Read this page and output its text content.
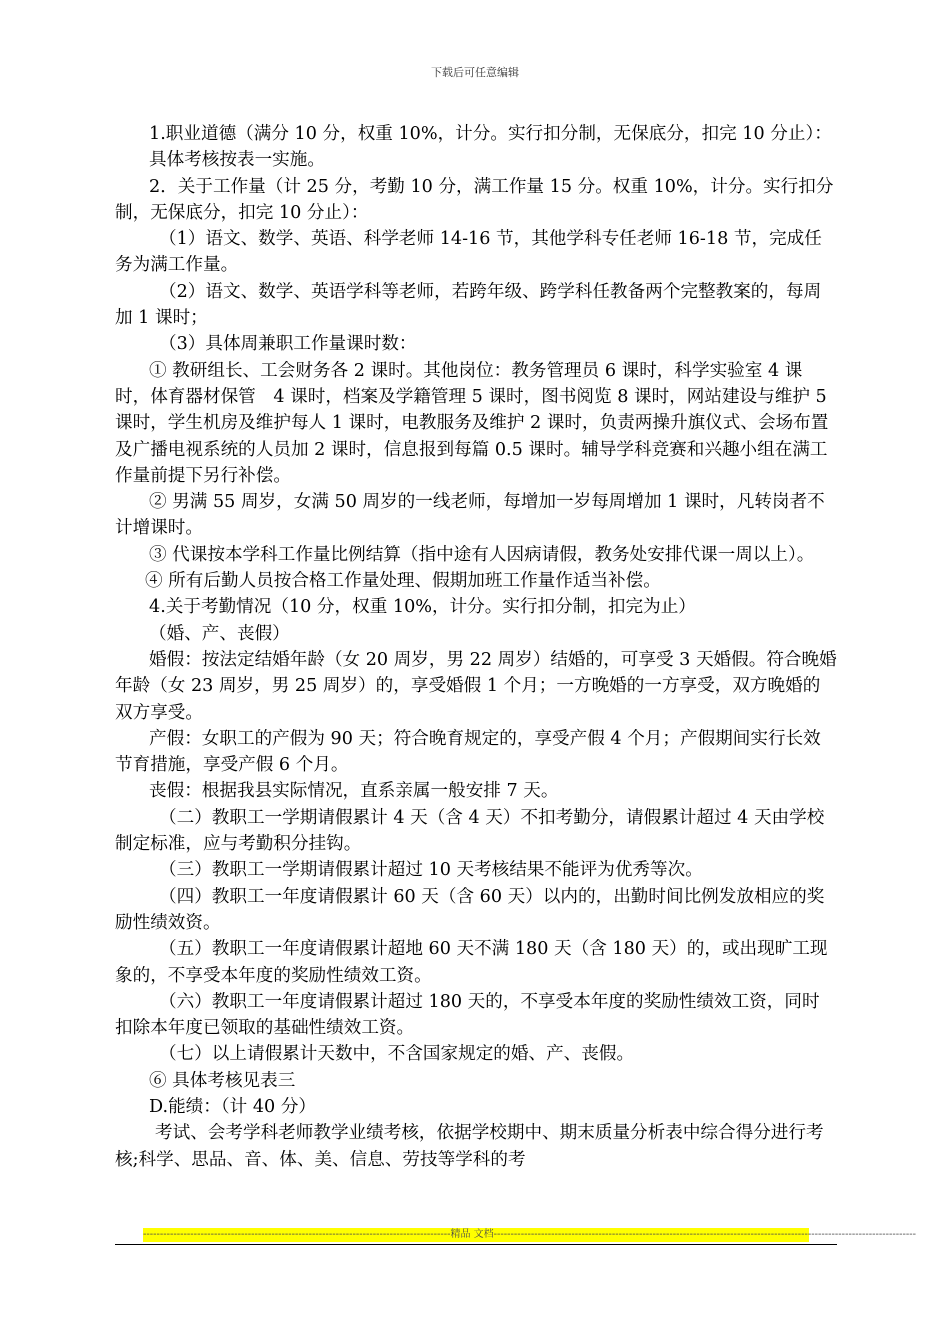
下载后可任意编辑

1.职业道德（满分 10 分，权重 10%，计分。实行扣分制，无保底分，扣完 10 分止）：

具体考核按表一实施。

2．关于工作量（计 25 分，考勤 10 分，满工作量 15 分。权重 10%，计分。实行扣分制，无保底分，扣完 10 分止）：

（1）语文、数学、英语、科学老师 14-16 节，其他学科专任老师 16-18 节，完成任务为满工作量。

（2）语文、数学、英语学科等老师，若跨年级、跨学科任教备两个完整教案的，每周加 1 课时；

（3）具体周兼职工作量课时数：

① 教研组长、工会财务各 2 课时。其他岗位：教务管理员 6 课时，科学实验室 4 课时，体育器材保管　4 课时，档案及学籍管理 5 课时，图书阅览 8 课时，网站建设与维护 5 课时，学生机房及维护每人 1 课时，电教服务及维护 2 课时，负责两操升旗仪式、会场布置及广播电视系统的人员加 2 课时，信息报到每篇 0.5 课时。辅导学科竞赛和兴趣小组在满工作量前提下另行补偿。

② 男满 55 周岁，女满 50 周岁的一线老师，每增加一岁每周增加 1 课时，凡转岗者不计增课时。

③ 代课按本学科工作量比例结算（指中途有人因病请假，教务处安排代课一周以上）。

④ 所有后勤人员按合格工作量处理、假期加班工作量作适当补偿。

4.关于考勤情况（10 分，权重 10%，计分。实行扣分制，扣完为止）

（婚、产、丧假）

婚假：按法定结婚年龄（女 20 周岁，男 22 周岁）结婚的，可享受 3 天婚假。符合晚婚年龄（女 23 周岁，男 25 周岁）的，享受婚假 1 个月；一方晚婚的一方享受，双方晚婚的双方享受。

产假：女职工的产假为 90 天；符合晚育规定的，享受产假 4 个月；产假期间实行长效节育措施，享受产假 6 个月。

丧假：根据我县实际情况，直系亲属一般安排 7 天。

（二）教职工一学期请假累计 4 天（含 4 天）不扣考勤分，请假累计超过 4 天由学校制定标准，应与考勤积分挂钩。

（三）教职工一学期请假累计超过 10 天考核结果不能评为优秀等次。

（四）教职工一年度请假累计 60 天（含 60 天）以内的，出勤时间比例发放相应的奖励性绩效资。

（五）教职工一年度请假累计超地 60 天不满 180 天（含 180 天）的，或出现旷工现象的，不享受本年度的奖励性绩效工资。

（六）教职工一年度请假累计超过 180 天的，不享受本年度的奖励性绩效工资，同时扣除本年度已领取的基础性绩效工资。

（七）以上请假累计天数中，不含国家规定的婚、产、丧假。

⑥ 具体考核见表三

D.能绩：（计 40 分）

考试、会考学科老师教学业绩考核，依据学校期中、期末质量分析表中综合得分进行考核;科学、思品、音、体、美、信息、劳技等学科的考

-------------------------------------------------------------------------------------------精品 文档-----------------------------------------------------------------------------------------------------------------------------
